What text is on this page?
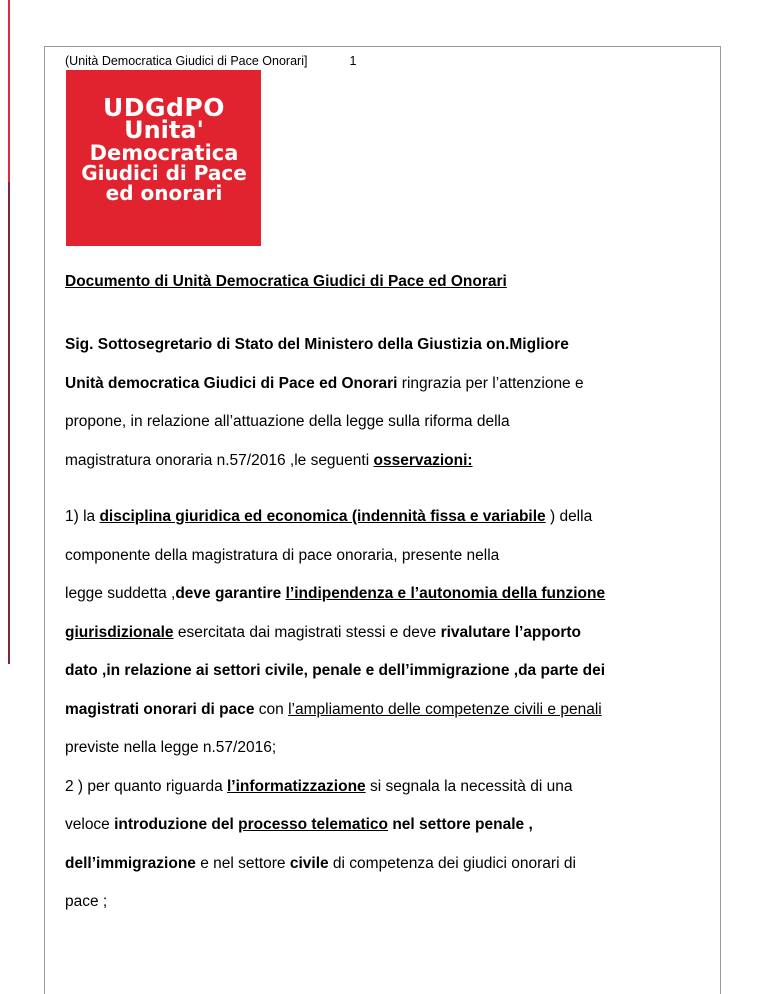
(Unità Democratica Giudici di Pace Onorari]	1
UDGdPO
Unita'
Democratica
Giudici di Pace
ed onorari

Documento di Unità Democratica Giudici di Pace ed Onorari

Sig. Sottosegretario di Stato del Ministero della Giustizia on.Migliore

Unità democratica Giudici di Pace ed Onorari ringrazia per l’attenzione e

propone, in relazione all’attuazione della legge sulla riforma della

magistratura onoraria n.57/2016 ,le seguenti osservazioni:

1) la disciplina giuridica ed economica (indennità fissa e variabile ) della

componente della magistratura di pace onoraria, presente nella

legge suddetta ,deve garantire l’indipendenza e l’autonomia della funzione

giurisdizionale esercitata dai magistrati stessi e deve rivalutare l’apporto

dato ,in relazione ai settori civile, penale e dell’immigrazione ,da parte dei

magistrati onorari di pace con l’ampliamento delle competenze civili e penali

previste nella legge n.57/2016;

2 ) per quanto riguarda l’informatizzazione si segnala la necessità di una

veloce introduzione del processo telematico nel settore penale ,

dell’immigrazione e nel settore civile di competenza dei giudici onorari di

pace ;
